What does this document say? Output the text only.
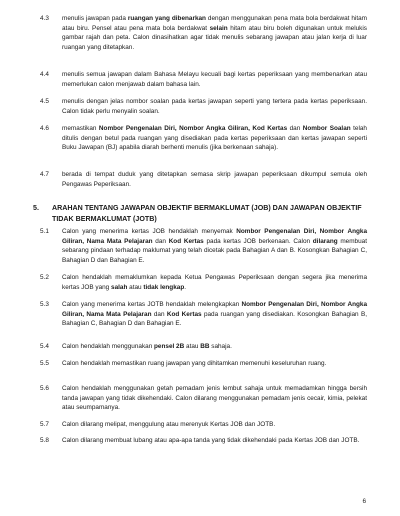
4.3 menulis jawapan pada ruangan yang dibenarkan dengan menggunakan pena mata bola berdakwat hitam atau biru. Pensel atau pena mata bola berdakwat selain hitam atau biru boleh digunakan untuk melukis gambar rajah dan peta. Calon dinasihatkan agar tidak menulis sebarang jawapan atau jalan kerja di luar ruangan yang ditetapkan.

4.4 menulis semua jawapan dalam Bahasa Melayu kecuali bagi kertas peperiksaan yang membenarkan atau memerlukan calon menjawab dalam bahasa lain.

4.5 menulis dengan jelas nombor soalan pada kertas jawapan seperti yang tertera pada kertas peperiksaan. Calon tidak perlu menyalin soalan.

4.6 memastikan Nombor Pengenalan Diri, Nombor Angka Giliran, Kod Kertas dan Nombor Soalan telah ditulis dengan betul pada ruangan yang disediakan pada kertas peperiksaan dan kertas jawapan seperti Buku Jawapan (BJ) apabila diarah berhenti menulis (jika berkenaan sahaja).

4.7 berada di tempat duduk yang ditetapkan semasa skrip jawapan peperiksaan dikumpul semula oleh Pengawas Peperiksaan.

5. ARAHAN TENTANG JAWAPAN OBJEKTIF BERMAKLUMAT (JOB) DAN JAWAPAN OBJEKTIF TIDAK BERMAKLUMAT (JOTB)
5.1 Calon yang menerima kertas JOB hendaklah menyemak Nombor Pengenalan Diri, Nombor Angka Giliran, Nama Mata Pelajaran dan Kod Kertas pada kertas JOB berkenaan. Calon dilarang membuat sebarang pindaan terhadap maklumat yang telah dicetak pada Bahagian A dan B. Kosongkan Bahagian C, Bahagian D dan Bahagian E.

5.2 Calon hendaklah memaklumkan kepada Ketua Pengawas Peperiksaan dengan segera jika menerima kertas JOB yang salah atau tidak lengkap.

5.3 Calon yang menerima kertas JOTB hendaklah melengkapkan Nombor Pengenalan Diri, Nombor Angka Giliran, Nama Mata Pelajaran dan Kod Kertas pada ruangan yang disediakan. Kosongkan Bahagian B, Bahagian C, Bahagian D dan Bahagian E.

5.4 Calon hendaklah menggunakan pensel 2B atau BB sahaja.

5.5 Calon hendaklah memastikan ruang jawapan yang dihitamkan memenuhi keseluruhan ruang.

5.6 Calon hendaklah menggunakan getah pemadam jenis lembut sahaja untuk memadamkan hingga bersih tanda jawapan yang tidak dikehendaki. Calon dilarang menggunakan pemadam jenis cecair, kimia, pelekat atau seumpamanya.

5.7 Calon dilarang melipat, menggulung atau merenyuk Kertas JOB dan JOTB.

5.8 Calon dilarang membuat lubang atau apa-apa tanda yang tidak dikehendaki pada Kertas JOB dan JOTB.

6
